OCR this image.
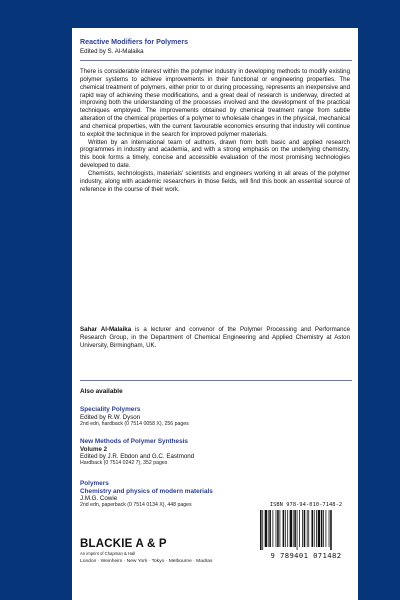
Reactive Modifiers for Polymers
Edited by S. Al-Malaika

There is considerable interest within the polymer industry in developing methods to modify existing polymer systems to achieve improvements in their functional or engineering properties. The chemical treatment of polymers, either prior to or during processing, represents an inexpensive and rapid way of achieving these modifications, and a great deal of research is underway, directed at improving both the understanding of the processes involved and the development of the practical techniques employed. The improvements obtained by chemical treatment range from subtle alteration of the chemical properties of a polymer to wholesale changes in the physical, mechanical and chemical properties, with the current favourable economics ensuring that industry will continue to exploit the technique in the search for improved polymer materials.

Written by an international team of authors, drawn from both basic and applied research programmes in industry and academia, and with a strong emphasis on the underlying chemistry, this book forms a timely, concise and accessible evaluation of the most promising technologies developed to date.

Chemists, technologists, materials' scientists and engineers working in all areas of the polymer industry, along with academic researchers in those fields, will find this book an essential source of reference in the course of their work.

Sahar Al-Malaika is a lecturer and convenor of the Polymer Processing and Performance Research Group, in the Department of Chemical Engineering and Applied Chemistry at Aston University, Birmingham, UK.
Also available
Speciality Polymers
Edited by R.W. Dyson
2nd edn, hardback (0 7514 0058 X), 256 pages
New Methods of Polymer Synthesis
Volume 2
Edited by J.R. Ebdon and G.C. Eastmond
Hardback (0 7514 0242 7), 352 pages
Polymers
Chemistry and physics of modern materials
J.M.G. Cowie
2nd edn, paperback (0 7514 0134 X), 448 pages	ISBN 978-94-010-7148-2
9 789401 071482
BLACKIE A & P
An imprint of Chapman & Hall
London · Weinheim · New York · Tokyo · Melbourne · Madras
